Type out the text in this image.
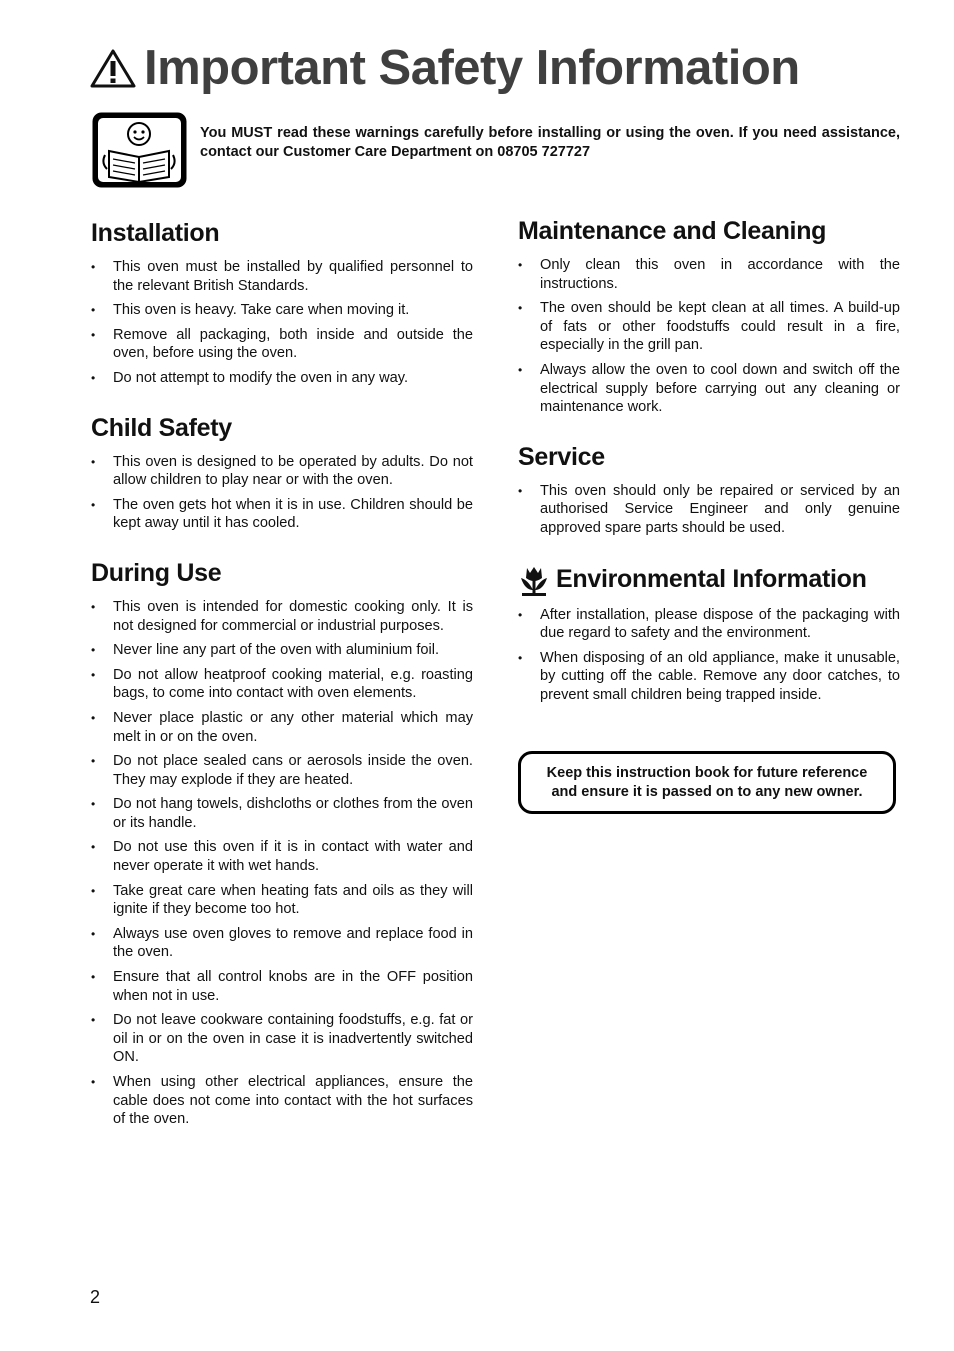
Important Safety Information
You MUST read these warnings carefully before installing or using the oven. If you need assistance, contact our Customer Care Department on 08705 727727
Installation
• This oven must be installed by qualified personnel to the relevant British Standards.
• This oven is heavy. Take care when moving it.
• Remove all packaging, both inside and outside the oven, before using the oven.
• Do not attempt to modify the oven in any way.
Child Safety
• This oven is designed to be operated by adults. Do not allow children to play near or with the oven.
• The oven gets hot when it is in use. Children should be kept away until it has cooled.
During Use
• This oven is intended for domestic cooking only. It is not designed for commercial or industrial purposes.
• Never line any part of the oven with aluminium foil.
• Do not allow heatproof cooking material, e.g. roasting bags, to come into contact with oven elements.
• Never place plastic or any other material which may melt in or on the oven.
• Do not place sealed cans or aerosols inside the oven. They may explode if they are heated.
• Do not hang towels, dishcloths or clothes from the oven or its handle.
• Do not use this oven if it is in contact with water and never operate it with wet hands.
• Take great care when heating fats and oils as they will ignite if they become too hot.
• Always use oven gloves to remove and replace food in the oven.
• Ensure that all control knobs are in the OFF position when not in use.
• Do not leave cookware containing foodstuffs, e.g. fat or oil in or on the oven in case it is inadvertently switched ON.
• When using other electrical appliances, ensure the cable does not come into contact with the hot surfaces of the oven.
Maintenance and Cleaning
• Only clean this oven in accordance with the instructions.
• The oven should be kept clean at all times. A build-up of fats or other foodstuffs could result in a fire, especially in the grill pan.
• Always allow the oven to cool down and switch off the electrical supply before carrying out any cleaning or maintenance work.
Service
• This oven should only be repaired or serviced by an authorised Service Engineer and only genuine approved spare parts should be used.
Environmental Information
• After installation, please dispose of the packaging with due regard to safety and the environment.
• When disposing of an old appliance, make it unusable, by cutting off the cable. Remove any door catches, to prevent small children being trapped inside.
Keep this instruction book for future reference
and ensure it is passed on to any new owner.
2
